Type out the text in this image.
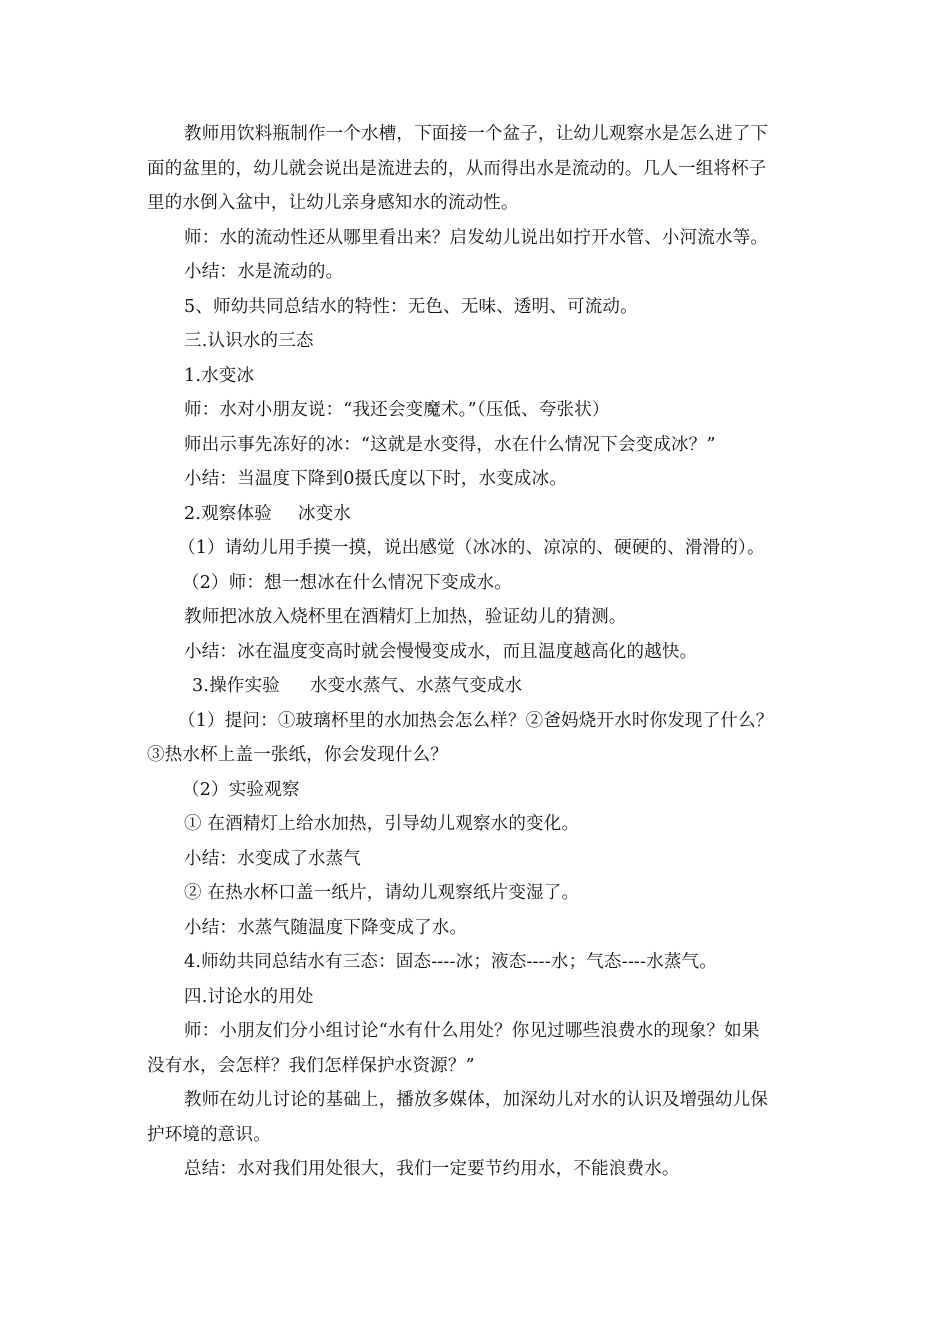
教师用饮料瓶制作一个水槽，下面接一个盆子，让幼儿观察水是怎么进了下
面的盆里的，幼儿就会说出是流进去的，从而得出水是流动的。几人一组将杯子
里的水倒入盆中，让幼儿亲身感知水的流动性。
师：水的流动性还从哪里看出来？启发幼儿说出如拧开水管、小河流水等。
小结：水是流动的。
5、师幼共同总结水的特性：无色、无味、透明、可流动。
三.认识水的三态
1.水变冰
师：水对小朋友说：“我还会变魔术。”（压低、夸张状）
师出示事先冻好的冰：“这就是水变得，水在什么情况下会变成冰？”
小结：当温度下降到0摄氏度以下时，水变成冰。
2.观察体验 冰变水
（1）请幼儿用手摸一摸，说出感觉（冰冰的、凉凉的、硬硬的、滑滑的）。
（2）师：想一想冰在什么情况下变成水。
教师把冰放入烧杯里在酒精灯上加热，验证幼儿的猜测。
小结：冰在温度变高时就会慢慢变成水，而且温度越高化的越快。
3.操作实验 水变水蒸气、水蒸气变成水
（1）提问：①玻璃杯里的水加热会怎么样？②爸妈烧开水时你发现了什么？
③热水杯上盖一张纸，你会发现什么？
（2）实验观察
① 在酒精灯上给水加热，引导幼儿观察水的变化。
小结：水变成了水蒸气
② 在热水杯口盖一纸片，请幼儿观察纸片变湿了。
小结：水蒸气随温度下降变成了水。
4.师幼共同总结水有三态：固态----冰；液态----水；气态----水蒸气。
四.讨论水的用处
师：小朋友们分小组讨论“水有什么用处？你见过哪些浪费水的现象？如果
没有水，会怎样？我们怎样保护水资源？”
教师在幼儿讨论的基础上，播放多媒体，加深幼儿对水的认识及增强幼儿保
护环境的意识。
总结：水对我们用处很大，我们一定要节约用水，不能浪费水。
